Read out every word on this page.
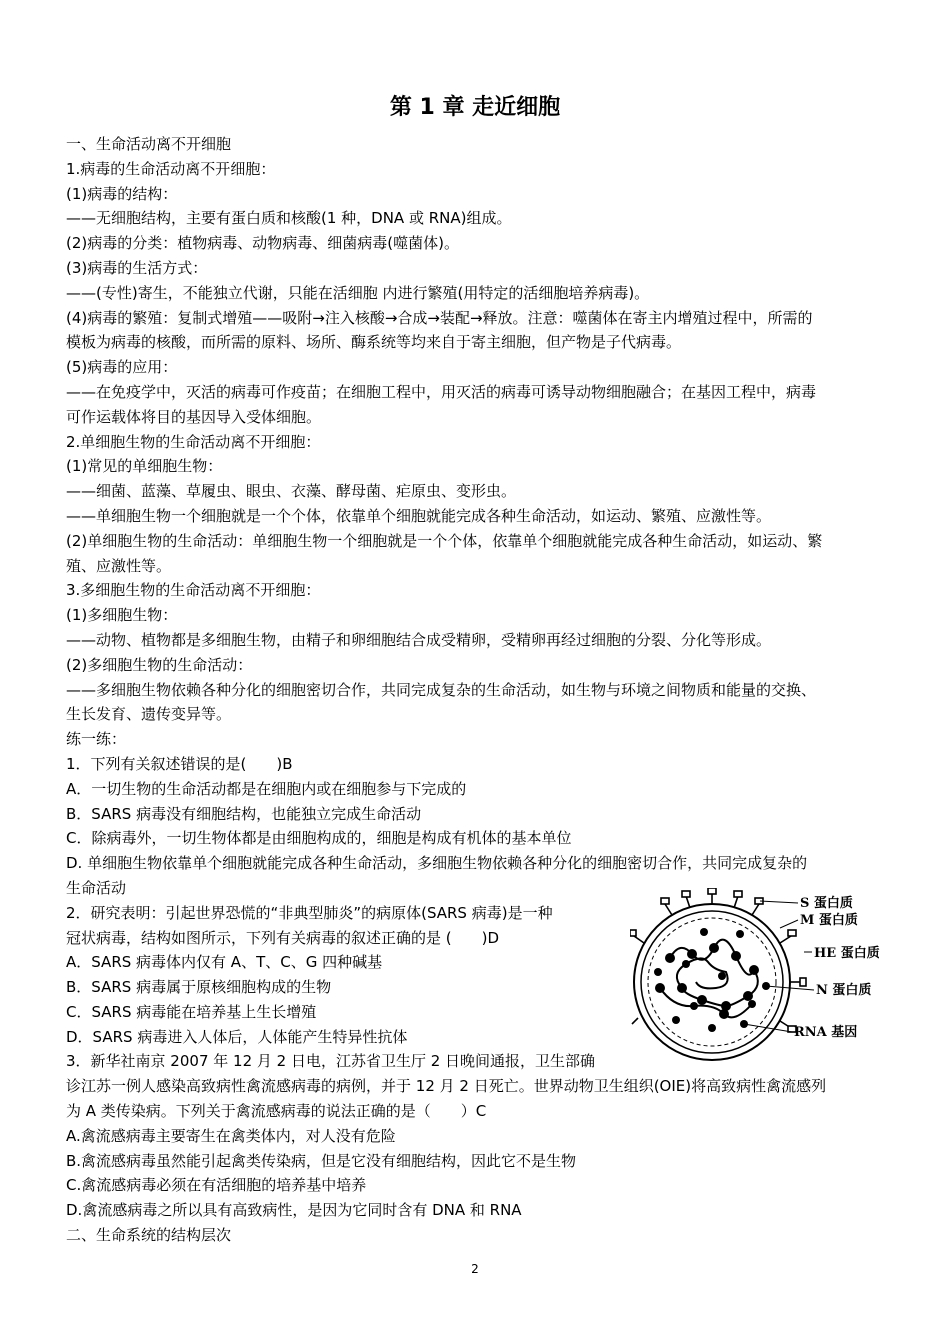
第 1 章 走近细胞
一、生命活动离不开细胞
1.病毒的生命活动离不开细胞：
(1)病毒的结构：
——无细胞结构，主要有蛋白质和核酸(1 种，DNA 或 RNA)组成。
(2)病毒的分类：植物病毒、动物病毒、细菌病毒(噬菌体)。
(3)病毒的生活方式：
——(专性)寄生，不能独立代谢，只能在活细胞 内进行繁殖(用特定的活细胞培养病毒)。
(4)病毒的繁殖：复制式增殖——吸附→注入核酸→合成→装配→释放。注意：噬菌体在寄主内增殖过程中，所需的
模板为病毒的核酸，而所需的原料、场所、酶系统等均来自于寄主细胞，但产物是子代病毒。
(5)病毒的应用：
——在免疫学中，灭活的病毒可作疫苗；在细胞工程中，用灭活的病毒可诱导动物细胞融合；在基因工程中，病毒
可作运载体将目的基因导入受体细胞。
2.单细胞生物的生命活动离不开细胞：
(1)常见的单细胞生物：
——细菌、蓝藻、草履虫、眼虫、衣藻、酵母菌、疟原虫、变形虫。
——单细胞生物一个细胞就是一个个体，依靠单个细胞就能完成各种生命活动，如运动、繁殖、应激性等。
(2)单细胞生物的生命活动：单细胞生物一个细胞就是一个个体，依靠单个细胞就能完成各种生命活动，如运动、繁
殖、应激性等。
3.多细胞生物的生命活动离不开细胞：
(1)多细胞生物：
——动物、植物都是多细胞生物，由精子和卵细胞结合成受精卵，受精卵再经过细胞的分裂、分化等形成。
(2)多细胞生物的生命活动：
——多细胞生物依赖各种分化的细胞密切合作，共同完成复杂的生命活动，如生物与环境之间物质和能量的交换、
生长发育、遗传变异等。
练一练：
1．下列有关叙述错误的是(　　)B
A．一切生物的生命活动都是在细胞内或在细胞参与下完成的
B．SARS 病毒没有细胞结构，也能独立完成生命活动
C．除病毒外，一切生物体都是由细胞构成的，细胞是构成有机体的基本单位
D. 单细胞生物依靠单个细胞就能完成各种生命活动，多细胞生物依赖各种分化的细胞密切合作，共同完成复杂的
生命活动
2．研究表明：引起世界恐慌的“非典型肺炎”的病原体(SARS 病毒)是一种
冠状病毒，结构如图所示，下列有关病毒的叙述正确的是 (　　)D
A．SARS 病毒体内仅有 A、T、C、G 四种碱基
B．SARS 病毒属于原核细胞构成的生物
C．SARS 病毒能在培养基上生长增殖
D．SARS 病毒进入人体后，人体能产生特异性抗体
3．新华社南京 2007 年 12 月 2 日电，江苏省卫生厅 2 日晚间通报，卫生部确
诊江苏一例人感染高致病性禽流感病毒的病例，并于 12 月 2 日死亡。世界动物卫生组织(OIE)将高致病性禽流感列
为 A 类传染病。下列关于禽流感病毒的说法正确的是（　　）C
A.禽流感病毒主要寄生在禽类体内，对人没有危险
B.禽流感病毒虽然能引起禽类传染病，但是它没有细胞结构，因此它不是生物
C.禽流感病毒必须在有活细胞的培养基中培养
D.禽流感病毒之所以具有高致病性，是因为它同时含有 DNA 和 RNA
二、生命系统的结构层次
S 蛋白质
M 蛋白质
HE 蛋白质
N 蛋白质
RNA 基因
2
